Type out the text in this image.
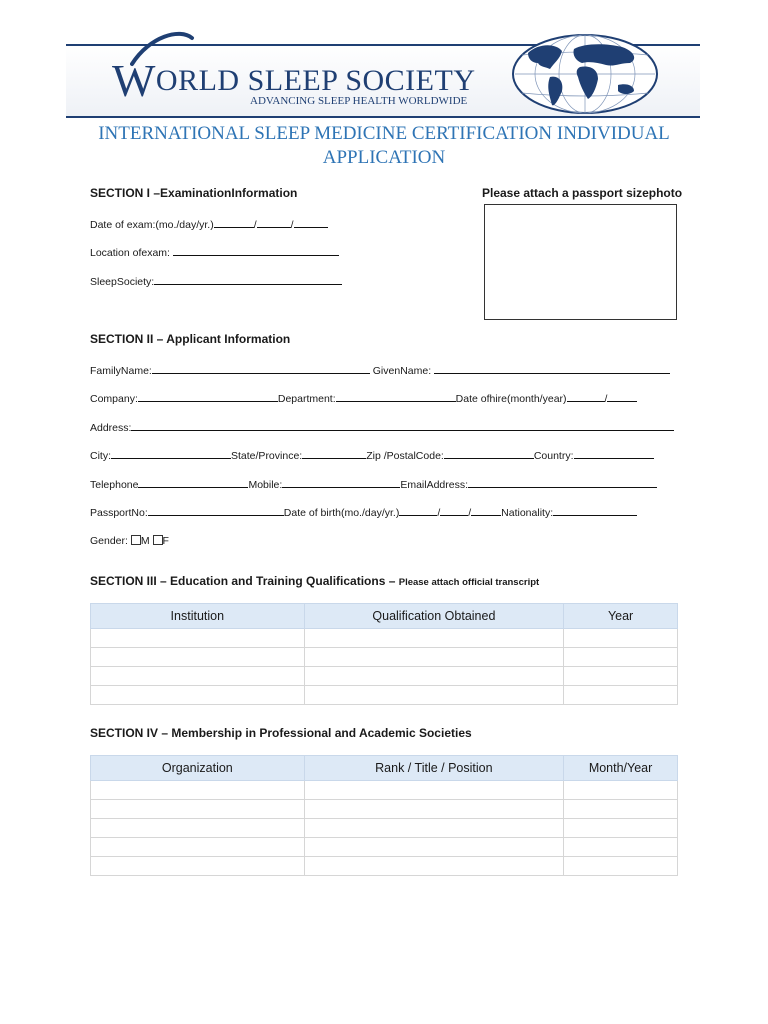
WORLD SLEEP SOCIETY
ADVANCING SLEEP HEALTH WORLDWIDE
INTERNATIONAL SLEEP MEDICINE CERTIFICATION INDIVIDUAL APPLICATION
SECTION I –ExaminationInformation	Please attach a passport sizephoto
Date of exam:(mo./day/yr.)	/	/
Location ofexam:
SleepSociety:
SECTION II – Applicant Information
FamilyName:	GivenName:
Company:	Department:	Date ofhire(month/year)	/
Address:
City:	State/Province:	Zip /PostalCode:	Country:
Telephone	Mobile:	EmailAddress:
PassportNo:	Date of birth(mo./day/yr.)	/	/	Nationality:
Gender: M F
SECTION III – Education and Training Qualifications – Please attach official transcript
Institution	Qualification Obtained	Year

SECTION IV – Membership in Professional and Academic Societies
Organization	Rank / Title / Position	Month/Year
